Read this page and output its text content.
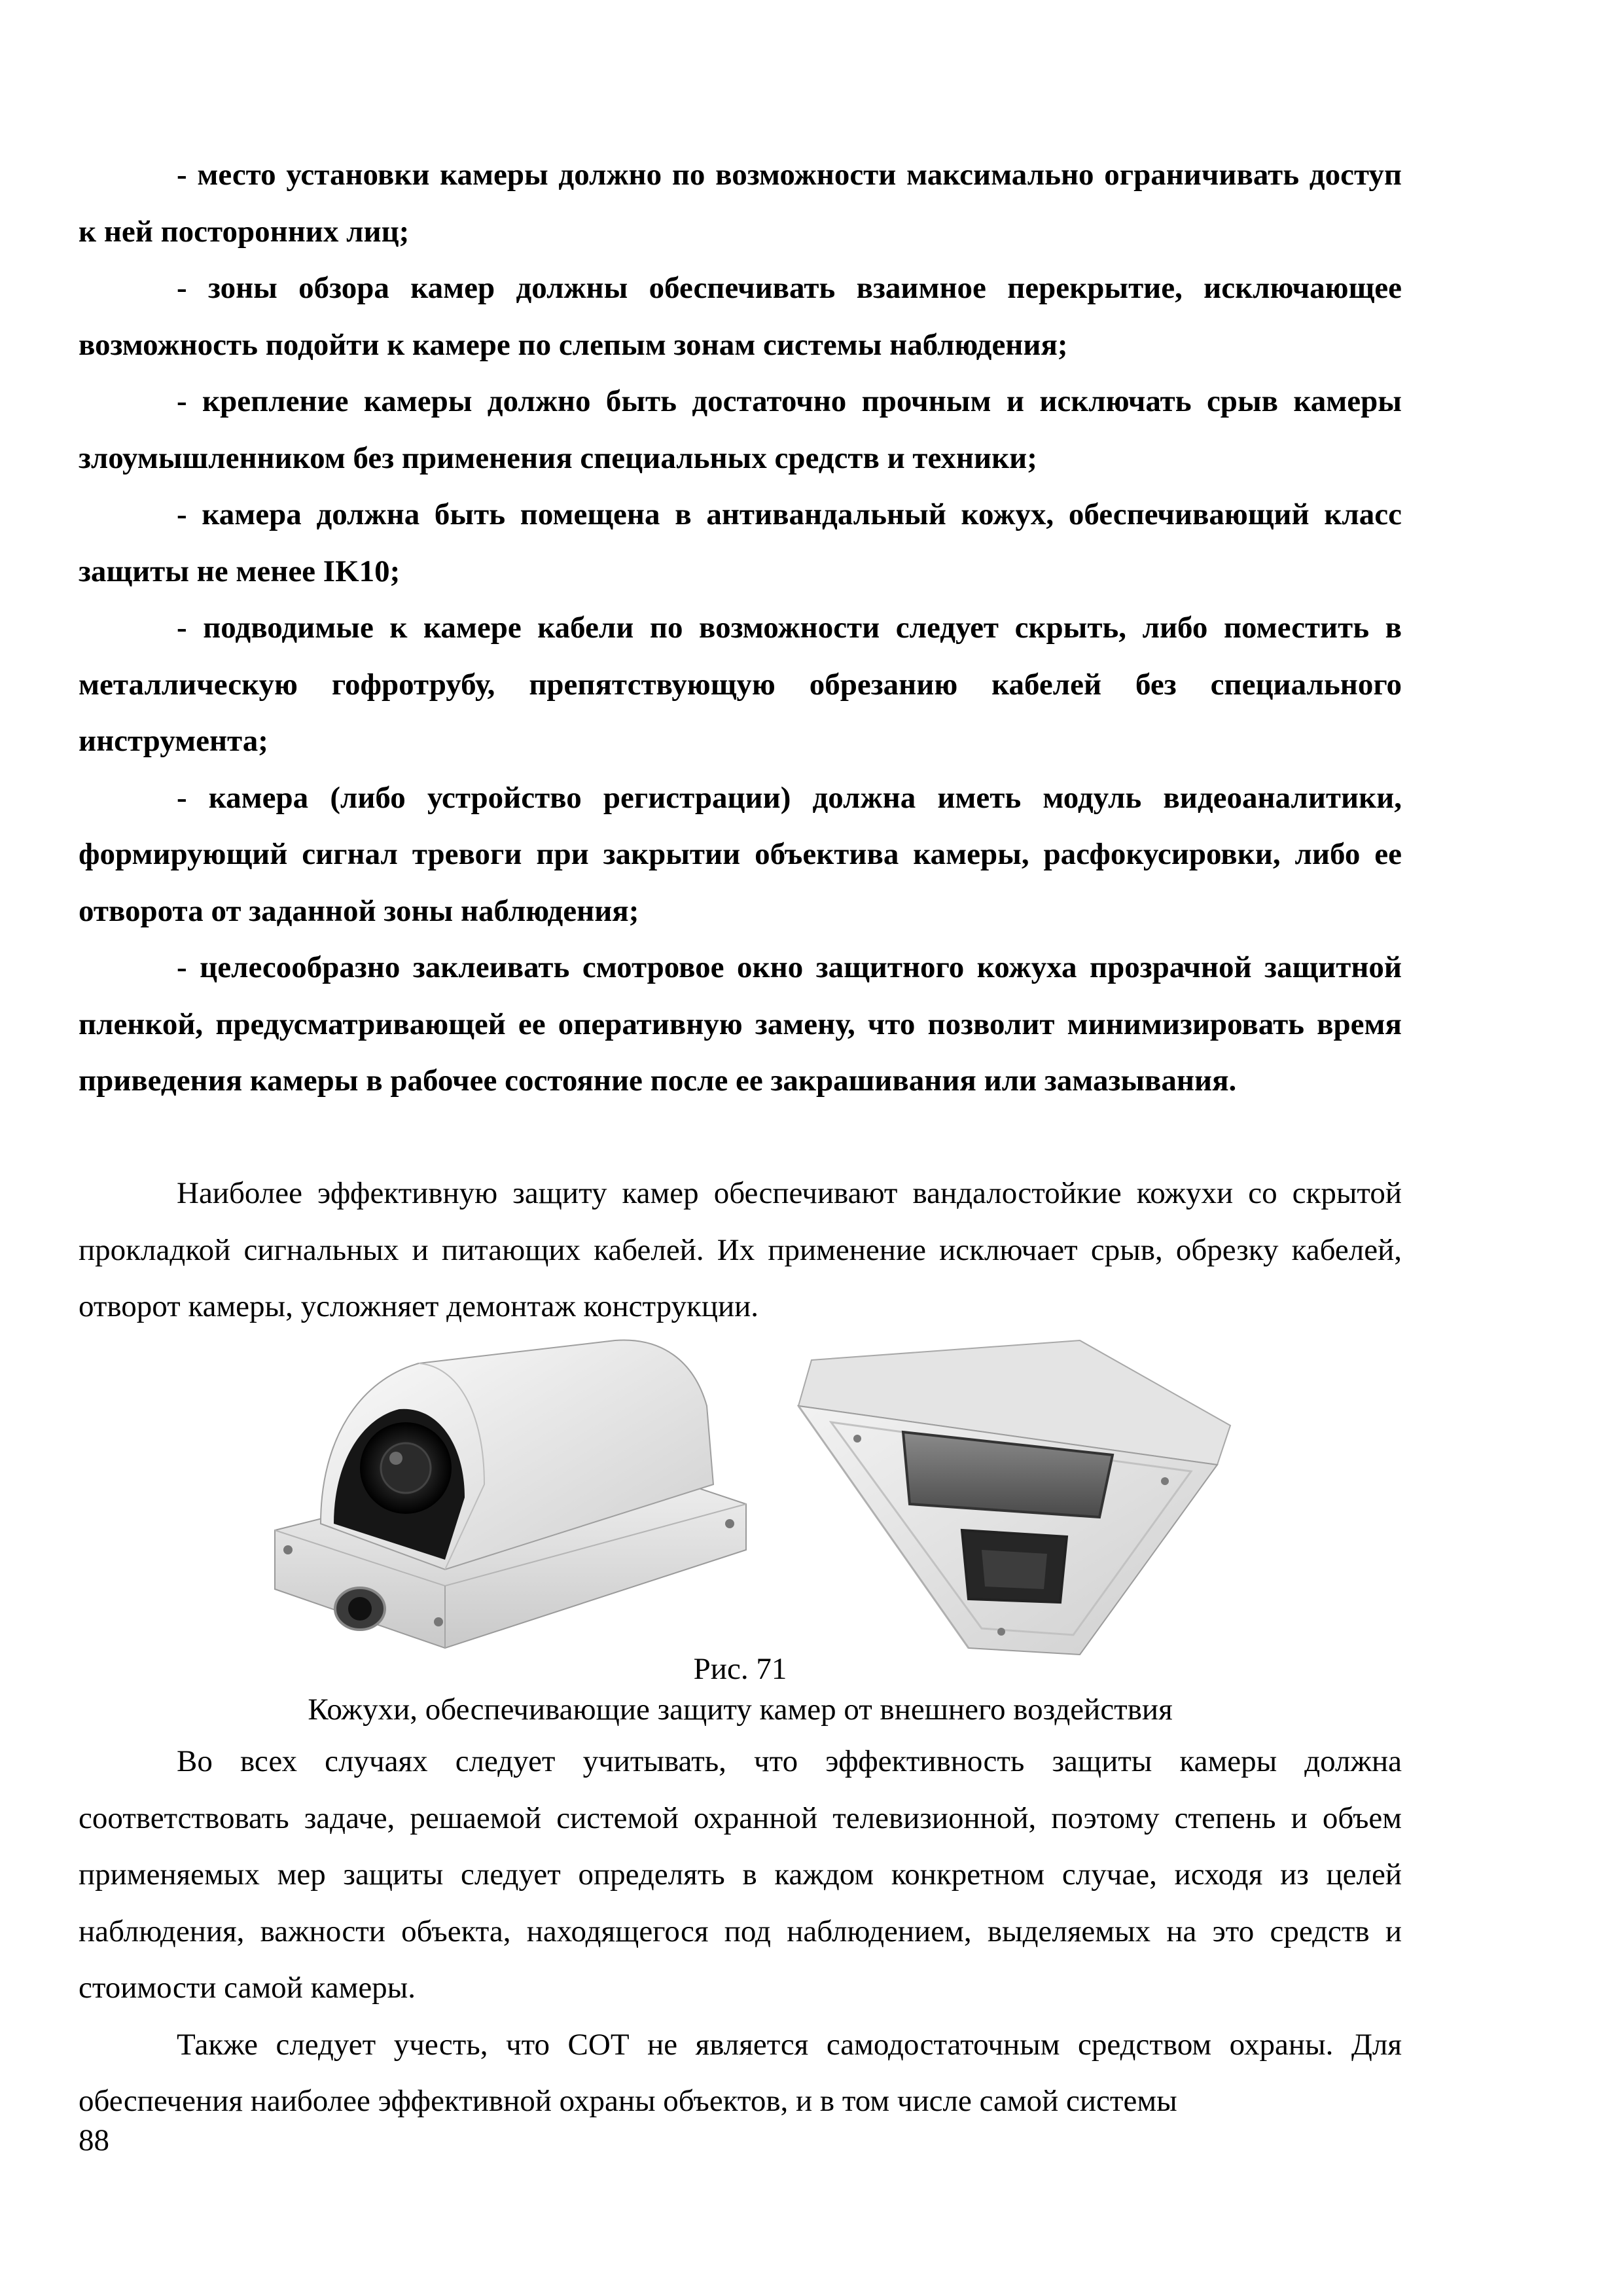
- место установки камеры должно по возможности максимально ограничивать доступ к ней посторонних лиц;

- зоны обзора камер должны обеспечивать взаимное перекрытие, исключающее возможность подойти к камере по слепым зонам системы наблюдения;

- крепление камеры должно быть достаточно прочным и исключать срыв камеры злоумышленником без применения специальных средств и техники;

- камера должна быть помещена в антивандальный кожух, обеспечивающий класс защиты не менее IK10;

- подводимые к камере кабели по возможности следует скрыть, либо поместить в металлическую гофротрубу, препятствующую обрезанию кабелей без специального инструмента;

- камера (либо устройство регистрации) должна иметь модуль видеоаналитики, формирующий сигнал тревоги при закрытии объектива камеры, расфокусировки, либо ее отворота от заданной зоны наблюдения;

- целесообразно заклеивать смотровое окно защитного кожуха прозрачной защитной пленкой, предусматривающей ее оперативную замену, что позволит минимизировать время приведения камеры в рабочее состояние после ее закрашивания или замазывания.

Наиболее эффективную защиту камер обеспечивают вандалостойкие кожухи со скрытой прокладкой сигнальных и питающих кабелей. Их применение исключает срыв, обрезку кабелей, отворот камеры, усложняет демонтаж конструкции.

Рис. 71
Кожухи, обеспечивающие защиту камер от внешнего воздействия

Во всех случаях следует учитывать, что эффективность защиты камеры должна соответствовать задаче, решаемой системой охранной телевизионной, поэтому степень и объем применяемых мер защиты следует определять в каждом конкретном случае, исходя из целей наблюдения, важности объекта, находящегося под наблюдением, выделяемых на это средств и стоимости самой камеры.

Также следует учесть, что СОТ не является самодостаточным средством охраны. Для обеспечения наиболее эффективной охраны объектов, и в том числе самой системы

88
